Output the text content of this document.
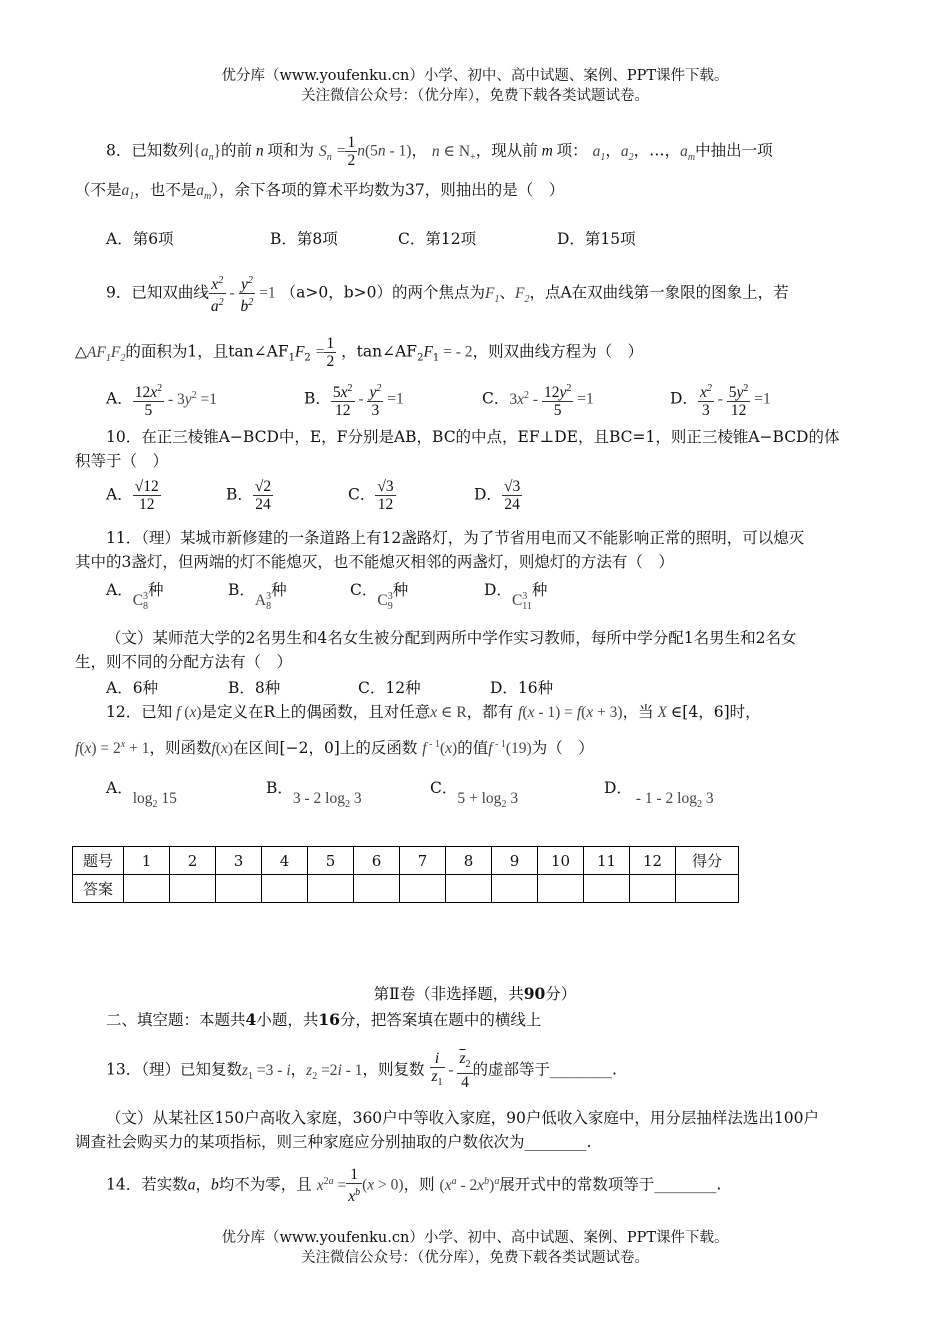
优分库（www.youfenku.cn）小学、初中、高中试题、案例、PPT课件下载。
关注微信公众号：（优分库），免费下载各类试题试卷。
8．已知数列$\{a_n\}$的前 n 项和为 $S_n = \frac{1}{2} n(5n - 1)$， n ∈ $N_+$，现从前 m 项： $a_1$，$a_2$，…，$a_m$中抽出一项
（不是$a_1$，也不是$a_m$），余下各项的算术平均数为37，则抽出的是（　）
A．第6项	B．第8项	C．第12项	D．第15项
9．已知双曲线 $\frac{x^2}{a^2} - \frac{y^2}{b^2} =1$ （a>0，b>0）的两个焦点为$F_1$、$F_2$，点A在双曲线第一象限的图象上，若
$\triangle AF_1F_2$的面积为1，且$\tan\angle AF_1F_2 = \frac{1}{2}$ ，$\tan\angle AF_2F_1$ = - 2，则双曲线方程为（　）
A． $\frac{12x^2}{5} - 3y^2 =1$	B． $\frac{5x^2}{12} - \frac{y^2}{3} =1$	C．$3x^2 - \frac{12y^2}{5} =1$	D． $\frac{x^2}{3} - \frac{5y^2}{12} =1$
10．在正三棱锥A−BCD中，E，F分别是AB，BC的中点，EF⊥DE，且BC=1，则正三棱锥A−BCD的体
积等于（　）
A． $\frac{√12}{12}$	B． $\frac{√2}{24}$	C． $\frac{√3}{12}$	D． $\frac{√3}{24}$
11．（理）某城市新修建的一条道路上有12盏路灯，为了节省用电而又不能影响正常的照明，可以熄灭
其中的3盏灯，但两端的灯不能熄灭，也不能熄灭相邻的两盏灯，则熄灯的方法有（　）
A．$C^3_8$种	B．$A^3_8$种	C．$C^3_9$种	D．$C^3_{11}$种
（文）某师范大学的2名男生和4名女生被分配到两所中学作实习教师，每所中学分配1名男生和2名女
生，则不同的分配方法有（　）
A．6种	B．8种	C．12种	D．16种
12．已知 f (x)是定义在R上的偶函数，且对任意x ∈ R，都有 f(x - 1) = f(x + 3)，当 X ∈[4，6]时，
$f(x) = 2^x + 1$，则函数f(x)在区间[−2，0]上的反函数 f $^{- 1}$(x)的值f $^{- 1}$(19)为（　）
A．$\log_2 15$
B．3 - 2 $\log_2 3$
C．$5 + \log_2 3$
D． - 1 - 2 $\log_2 3$
题号	1	2	3	4	5	6	7	8	9	10	11	12	得分
答案													
第Ⅱ卷（非选择题，共90分）
二、填空题：本题共4小题，共16分，把答案填在题中的横线上
13．（理）已知复数$z_1 =3 - i$，$z_2 =2i - 1$，则复数 $\frac{i}{z_1} - \frac{\overline{z}_2}{4}$ 的虚部等于________.
（文）从某社区150户高收入家庭，360户中等收入家庭，90户低收入家庭中，用分层抽样法选出100户
调查社会购买力的某项指标，则三种家庭应分别抽取的户数依次为________.
14．若实数a，b均不为零，且 $x^{2a} = \frac{1}{x^b} (x > 0)$，则 $(x^a - 2x^b)^a$展开式中的常数项等于________.
优分库（www.youfenku.cn）小学、初中、高中试题、案例、PPT课件下载。
关注微信公众号：（优分库），免费下载各类试题试卷。
